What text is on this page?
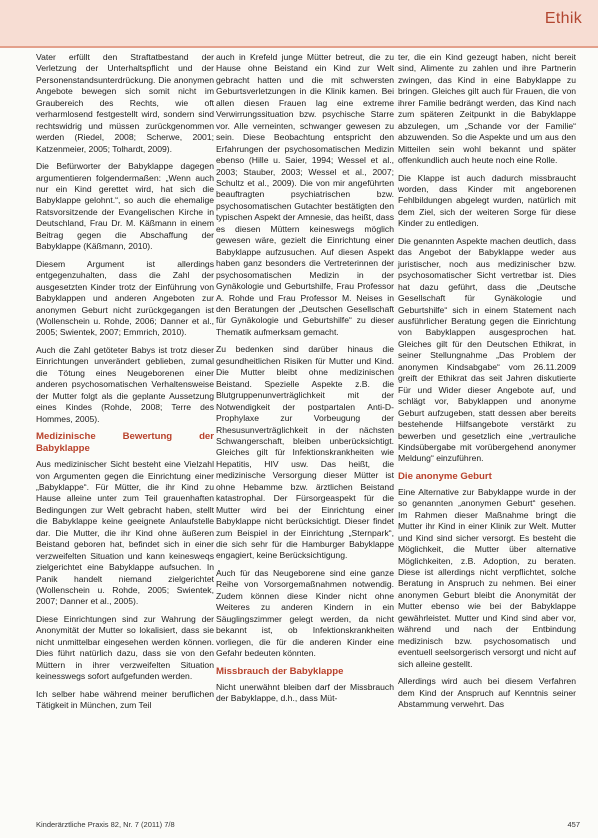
Ethik

Vater erfüllt den Straftatbestand der Verletzung der Unterhaltspflicht und der Personenstandsunterdrückung. Die anonymen Angebote bewegen sich somit nicht im Graubereich des Rechts, wie oft verharmlosend festgestellt wird, sondern sind rechtswidrig und müssen zurückgenommen werden (Riedel, 2008; Scherwe, 2001; Katzenmeier, 2005; Tolhardt, 2009).

Die Befürworter der Babyklappe dagegen argumentieren folgendermaßen: „Wenn auch nur ein Kind gerettet wird, hat sich die Babyklappe gelohnt.“, so auch die ehemalige Ratsvorsitzende der Evangelischen Kirche in Deutschland, Frau Dr. M. Käßmann in einem Beitrag gegen die Abschaffung der Babyklappe (Käßmann, 2010).

Diesem Argument ist allerdings entgegenzuhalten, dass die Zahl der ausgesetzten Kinder trotz der Einführung von Babyklappen und anderen Angeboten zur anonymen Geburt nicht zurückgegangen ist (Wollenschein u. Rohde, 2006; Danner et al., 2005; Swientek, 2007; Emmrich, 2010).

Auch die Zahl getöteter Babys ist trotz dieser Einrichtungen unverändert geblieben, zumal die Tötung eines Neugeborenen einer anderen psychosomatischen Verhaltensweise der Mutter folgt als die geplante Aussetzung eines Kindes (Rohde, 2008; Terre des Hommes, 2005).

Medizinische Bewertung der Babyklappe

Aus medizinischer Sicht besteht eine Vielzahl von Argumenten gegen die Einrichtung einer „Babyklappe“. Für Mütter, die ihr Kind zu Hause alleine unter zum Teil grauenhaften Bedingungen zur Welt gebracht haben, stellt die Babyklappe keine geeignete Anlaufstelle dar. Die Mutter, die ihr Kind ohne äußeren Beistand geboren hat, befindet sich in einer verzweifelten Situation und kann keinesweqs zielgerichtet eine Babyklappe aufsuchen. In Panik handelt niemand zielgerichtet (Wollenschein u. Rohde, 2005; Swientek, 2007; Danner et al., 2005).

Diese Einrichtungen sind zur Wahrung der Anonymität der Mutter so lokalisiert, dass sie nicht unmittelbar eingesehen werden können. Dies führt natürlich dazu, dass sie von den Müttern in ihrer verzweifelten Situation keinesswegs sofort aufgefunden werden.

Ich selber habe während meiner beruflichen Tätigkeit in München, zum Teil

auch in Krefeld junge Mütter betreut, die zu Hause ohne Beistand ein Kind zur Welt gebracht hatten und die mit schwersten Geburtsverletzungen in die Klinik kamen. Bei allen diesen Frauen lag eine extreme Verwirrungssituation bzw. psychische Starre vor. Alle verneinten, schwanger gewesen zu sein. Diese Beobachtung entspricht den Erfahrungen der psychosomatischen Medizin ebenso (Hille u. Saier, 1994; Wessel et al., 2003; Stauber, 2003; Wessel et al., 2007; Schultz et al., 2009). Die von mir angeführten beauftragten psychiatrischen bzw. psychosomatischen Gutachter bestätigten den typischen Aspekt der Amnesie, das heißt, dass es diesen Müttern keineswegs möglich gewesen wäre, gezielt die Einrichtung einer Babyklappe aufzusuchen. Auf diesen Aspekt haben ganz besonders die Vertreterinnen der psychosomatischen Medizin in der Gynäkologie und Geburtshilfe, Frau Professor A. Rohde und Frau Professor M. Neises in den Beratungen der „Deutschen Gesellschaft für Gynäkologie und Geburtshilfe“ zu dieser Thematik aufmerksam gemacht.

Zu bedenken sind darüber hinaus die gesundheitlichen Risiken für Mutter und Kind. Die Mutter bleibt ohne medizinischen Beistand. Spezielle Aspekte z.B. die Blutgruppenunverträglichkeit mit der Notwendigkeit der postpartalen Anti-D-Prophylaxe zur Vorbeugung der Rhesusunverträglichkeit in der nächsten Schwangerschaft, bleiben unberücksichtigt. Gleiches gilt für Infektionskrankheiten wie Hepatitis, HIV usw. Das heißt, die medizinische Versorgung dieser Mütter ist ohne Hebamme bzw. ärztlichen Beistand katastrophal. Der Fürsorgeaspekt für die Mutter wird bei der Einrichtung einer Babyklappe nicht berücksichtigt. Dieser findet zum Beispiel in der Einrichtung „Sternpark“, die sich sehr für die Hamburger Babyklappe engagiert, keine Berücksichtigung.

Auch für das Neugeborene sind eine ganze Reihe von Vorsorgemaßnahmen notwendig. Zudem können diese Kinder nicht ohne Weiteres zu anderen Kindern in ein Säuglingszimmer gelegt werden, da nicht bekannt ist, ob Infektionskrankheiten vorliegen, die für die anderen Kinder eine Gefahr bedeuten könnten.

Missbrauch der Babyklappe

Nicht unerwähnt bleiben darf der Missbrauch der Babyklappe, d.h., dass Müt-

ter, die ein Kind gezeugt haben, nicht bereit sind, Alimente zu zahlen und ihre Partnerin zwingen, das Kind in eine Babyklappe zu bringen. Gleiches gilt auch für Frauen, die von ihrer Familie bedrängt werden, das Kind nach zum späteren Zeitpunkt in die Babyklappe abzulegen, um „Schande vor der Familie“ abzuwenden. So die Aspekte und um aus den Mitteilen sein wohl bekannt und später offenkundlich auch heute noch eine Rolle.

Die Klappe ist auch dadurch missbraucht worden, dass Kinder mit angeborenen Fehlbildungen abgelegt wurden, natürlich mit dem Ziel, sich der weiteren Sorge für diese Kinder zu entledigen.

Die genannten Aspekte machen deutlich, dass das Angebot der Babyklappe weder aus juristischer, noch aus medizinischer bzw. psychosomatischer Sicht vertretbar ist. Dies hat dazu geführt, dass die „Deutsche Gesellschaft für Gynäkologie und Geburtshilfe“ sich in einem Statement nach ausführlicher Beratung gegen die Einrichtung von Babyklappen ausgesprochen hat. Gleiches gilt für den Deutschen Ethikrat, in seiner Stellungnahme „Das Problem der anonymen Kindsabgabe“ vom 26.11.2009 greift der Ethikrat das seit Jahren diskutierte Für und Wider dieser Angebote auf, und schlägt vor, Babyklappen und anonyme Geburt aufzugeben, statt dessen aber bereits bestehende Hilfsangebote verstärkt zu bewerben und gesetzlich eine „vertrauliche Kindsübergabe mit vorübergehend anonymer Meldung“ einzuführen.

Die anonyme Geburt

Eine Alternative zur Babyklappe wurde in der so genannten „anonymen Geburt“ gesehen. Im Rahmen dieser Maßnahme bringt die Mutter ihr Kind in einer Klinik zur Welt. Mutter und Kind sind sicher versorgt. Es besteht die Möglichkeit, die Mutter über alternative Möglichkeiten, z.B. Adoption, zu beraten. Diese ist allerdings nicht verpflichtet, solche Beratung in Anspruch zu nehmen. Bei einer anonymen Geburt bleibt die Anonymität der Mutter ebenso wie bei der Babyklappe gewährleistet. Mutter und Kind sind aber vor, während und nach der Entbindung medizinisch bzw. psychosomatisch und eventuell seelsorgerisch versorgt und nicht auf sich alleine gestellt.

Allerdings wird auch bei diesem Verfahren dem Kind der Anspruch auf Kenntnis seiner Abstammung verwehrt. Das

Kinderärztliche Praxis 82, Nr. 7 (2011) 7/8	457
